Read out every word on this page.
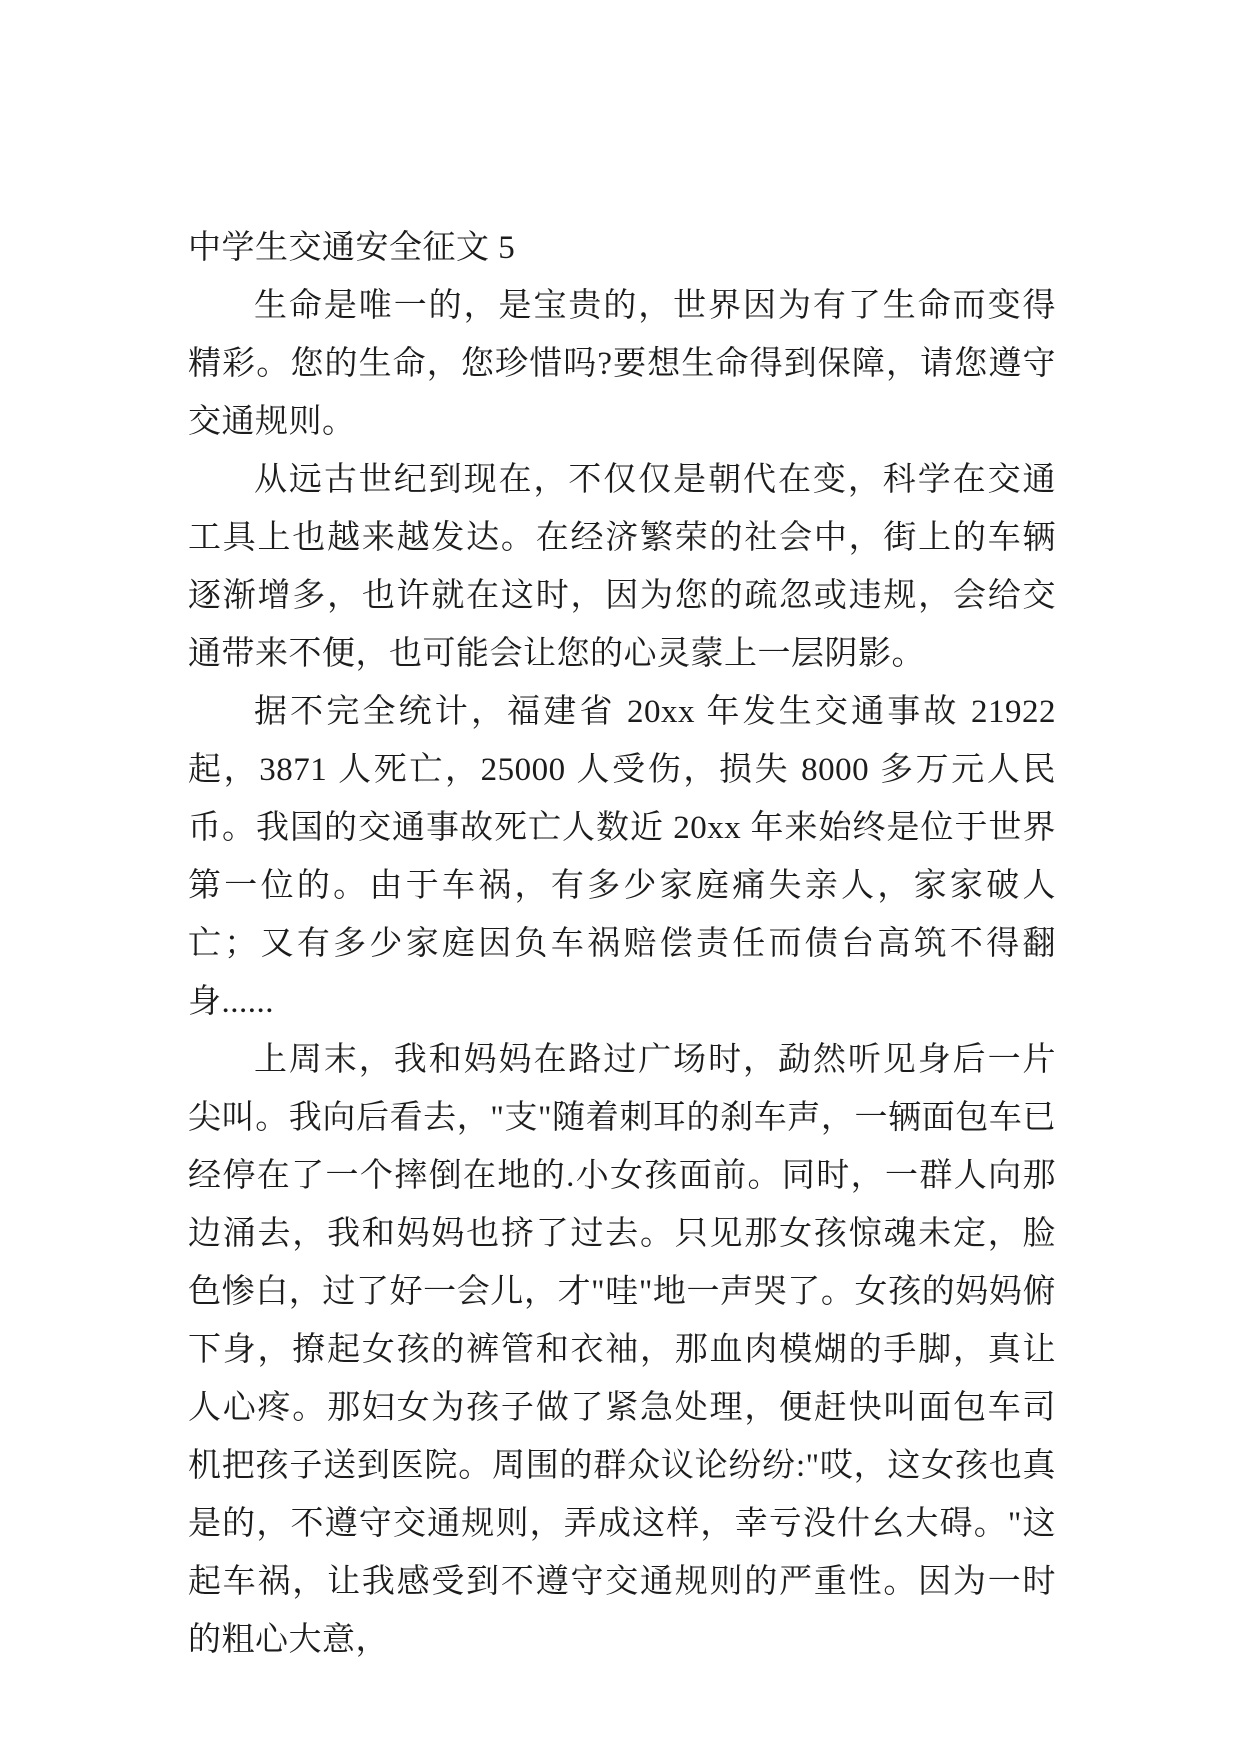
中学生交通安全征文 5

生命是唯一的，是宝贵的，世界因为有了生命而变得精彩。您的生命，您珍惜吗?要想生命得到保障，请您遵守交通规则。

从远古世纪到现在，不仅仅是朝代在变，科学在交通工具上也越来越发达。在经济繁荣的社会中，街上的车辆逐渐增多，也许就在这时，因为您的疏忽或违规，会给交通带来不便，也可能会让您的心灵蒙上一层阴影。

据不完全统计，福建省 20xx 年发生交通事故 21922 起，3871 人死亡，25000 人受伤，损失 8000 多万元人民币。我国的交通事故死亡人数近 20xx 年来始终是位于世界第一位的。由于车祸，有多少家庭痛失亲人，家家破人亡；又有多少家庭因负车祸赔偿责任而债台高筑不得翻身......

上周末，我和妈妈在路过广场时，勐然听见身后一片尖叫。我向后看去，"支"随着刺耳的刹车声，一辆面包车已经停在了一个摔倒在地的.小女孩面前。同时，一群人向那边涌去，我和妈妈也挤了过去。只见那女孩惊魂未定，脸色惨白，过了好一会儿，才"哇"地一声哭了。女孩的妈妈俯下身，撩起女孩的裤管和衣袖，那血肉模煳的手脚，真让人心疼。那妇女为孩子做了紧急处理，便赶快叫面包车司机把孩子送到医院。周围的群众议论纷纷:"哎，这女孩也真是的，不遵守交通规则，弄成这样，幸亏没什幺大碍。"这起车祸，让我感受到不遵守交通规则的严重性。因为一时的粗心大意，
